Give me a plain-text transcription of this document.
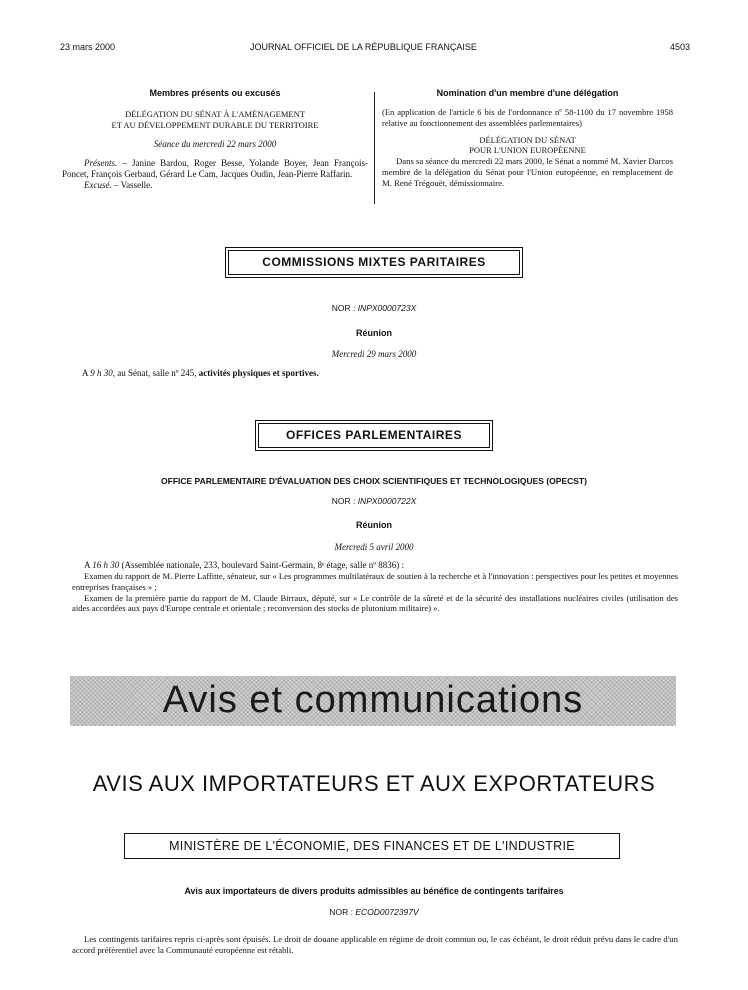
23 mars 2000	JOURNAL OFFICIEL DE LA RÉPUBLIQUE FRANÇAISE	4503
Membres présents ou excusés
DÉLÉGATION DU SÉNAT À L'AMÉNAGEMENT
ET AU DÉVELOPPEMENT DURABLE DU TERRITOIRE
Séance du mercredi 22 mars 2000
Présents. – Janine Bardou, Roger Besse, Yolande Boyer, Jean François-Poncet, François Gerbaud, Gérard Le Cam, Jacques Oudin, Jean-Pierre Raffarin.
Excusé. – Vasselle.
Nomination d'un membre d'une délégation
(En application de l'article 6 bis de l'ordonnance nº 58-1100 du 17 novembre 1958 relative au fonctionnement des assemblées parlementaires)
DÉLÉGATION DU SÉNAT
POUR L'UNION EUROPÉENNE
Dans sa séance du mercredi 22 mars 2000, le Sénat a nommé M. Xavier Darcos membre de la délégation du Sénat pour l'Union européenne, en remplacement de M. René Trégouët, démissionnaire.
COMMISSIONS MIXTES PARITAIRES
NOR : INPX0000723X
Réunion
Mercredi 29 mars 2000
A 9 h 30, au Sénat, salle nº 245, activités physiques et sportives.
OFFICES PARLEMENTAIRES
OFFICE PARLEMENTAIRE D'ÉVALUATION DES CHOIX SCIENTIFIQUES ET TECHNOLOGIQUES (OPECST)
NOR : INPX0000722X
Réunion
Mercredi 5 avril 2000
A 16 h 30 (Assemblée nationale, 233, boulevard Saint-Germain, 8ᵉ étage, salle nº 8836) :
Examen du rapport de M. Pierre Laffitte, sénateur, sur « Les programmes multilatéraux de soutien à la recherche et à l'innovation : perspectives pour les petites et moyennes entreprises françaises » ;
Examen de la première partie du rapport de M. Claude Birraux, député, sur « Le contrôle de la sûreté et de la sécurité des installations nucléaires civiles (utilisation des aides accordées aux pays d'Europe centrale et orientale ; reconversion des stocks de plutonium militaire) ».
Avis et communications
AVIS AUX IMPORTATEURS ET AUX EXPORTATEURS
MINISTÈRE DE L'ÉCONOMIE, DES FINANCES ET DE L'INDUSTRIE
Avis aux importateurs de divers produits admissibles au bénéfice de contingents tarifaires
NOR : ECOD0072397V
Les contingents tarifaires repris ci-après sont épuisés. Le droit de douane applicable en régime de droit commun ou, le cas échéant, le droit réduit prévu dans le cadre d'un accord préférentiel avec la Communauté européenne est rétabli.
